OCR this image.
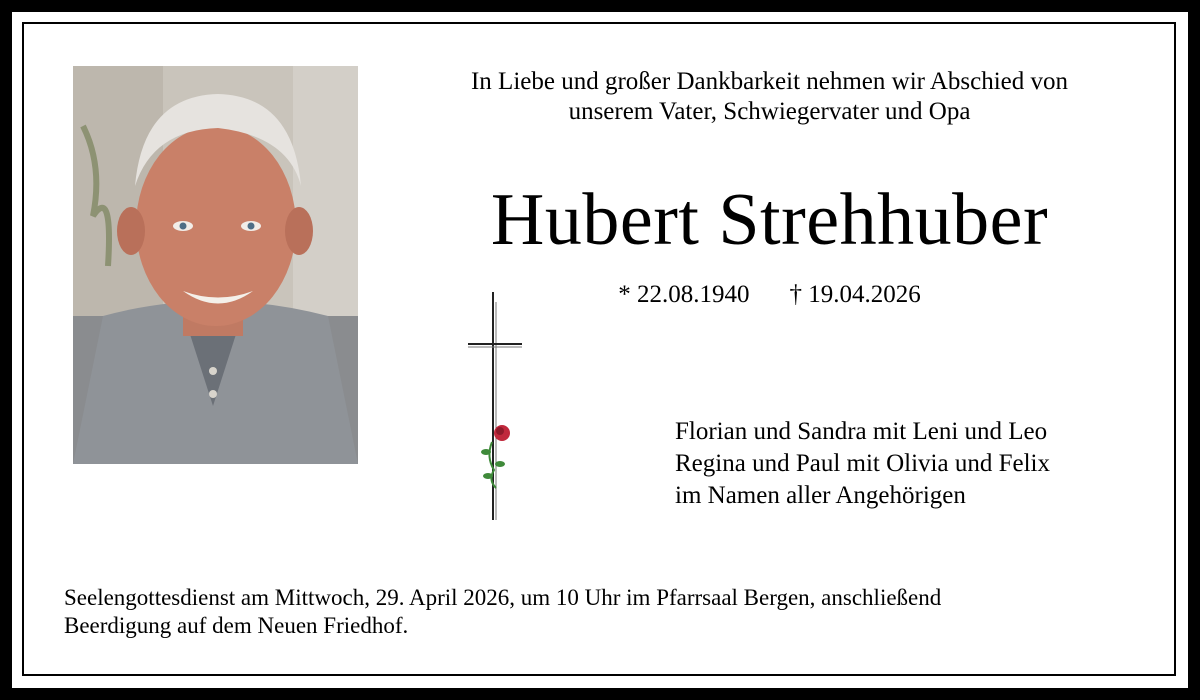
In Liebe und großer Dankbarkeit nehmen wir Abschied von
unserem Vater, Schwiegervater und Opa
Hubert Strehhuber
* 22.08.1940 † 19.04.2026
Florian und Sandra mit Leni und Leo
Regina und Paul mit Olivia und Felix
im Namen aller Angehörigen
Seelengottesdienst am Mittwoch, 29. April 2026, um 10 Uhr im Pfarrsaal Bergen, anschließend
Beerdigung auf dem Neuen Friedhof.
